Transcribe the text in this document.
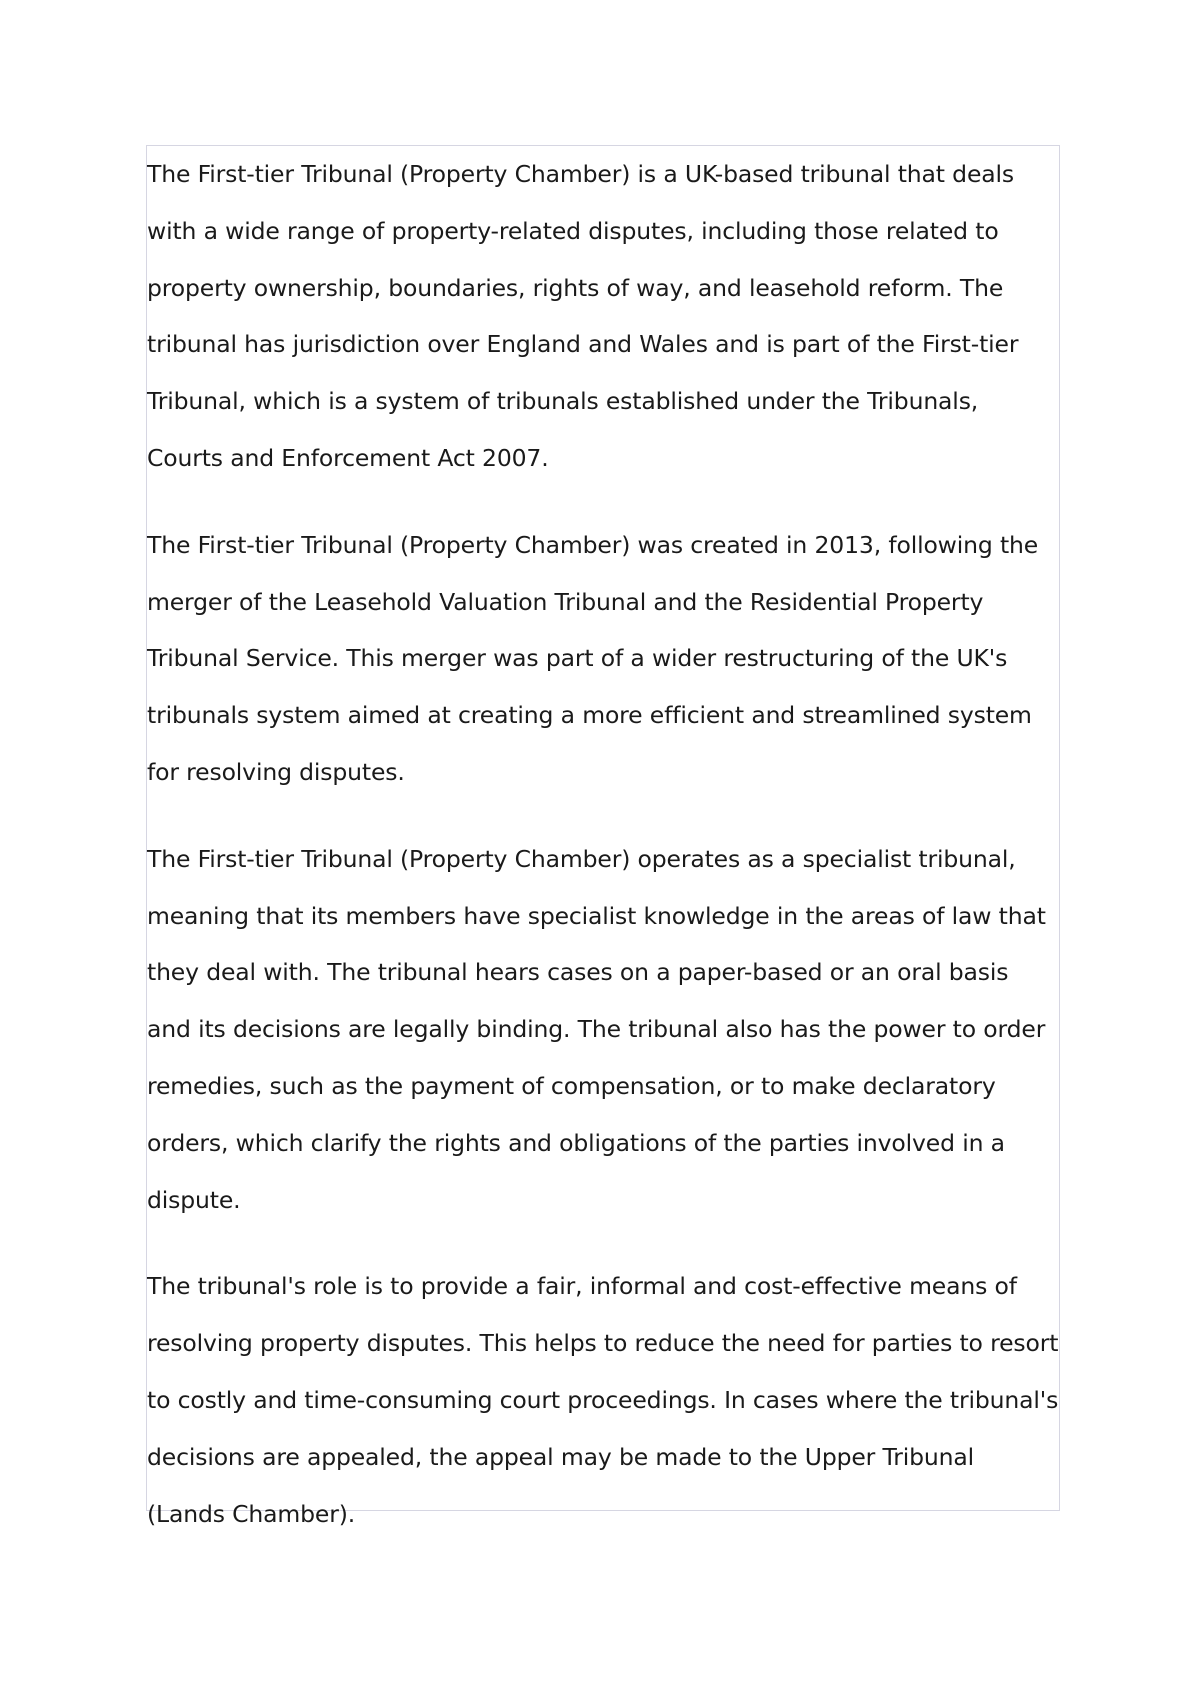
The First-tier Tribunal (Property Chamber) is a UK-based tribunal that deals with a wide range of property-related disputes, including those related to property ownership, boundaries, rights of way, and leasehold reform. The tribunal has jurisdiction over England and Wales and is part of the First-tier Tribunal, which is a system of tribunals established under the Tribunals, Courts and Enforcement Act 2007.

The First-tier Tribunal (Property Chamber) was created in 2013, following the merger of the Leasehold Valuation Tribunal and the Residential Property Tribunal Service. This merger was part of a wider restructuring of the UK's tribunals system aimed at creating a more efficient and streamlined system for resolving disputes.

The First-tier Tribunal (Property Chamber) operates as a specialist tribunal, meaning that its members have specialist knowledge in the areas of law that they deal with. The tribunal hears cases on a paper-based or an oral basis and its decisions are legally binding. The tribunal also has the power to order remedies, such as the payment of compensation, or to make declaratory orders, which clarify the rights and obligations of the parties involved in a dispute.

The tribunal's role is to provide a fair, informal and cost-effective means of resolving property disputes. This helps to reduce the need for parties to resort to costly and time-consuming court proceedings. In cases where the tribunal's decisions are appealed, the appeal may be made to the Upper Tribunal (Lands Chamber).
